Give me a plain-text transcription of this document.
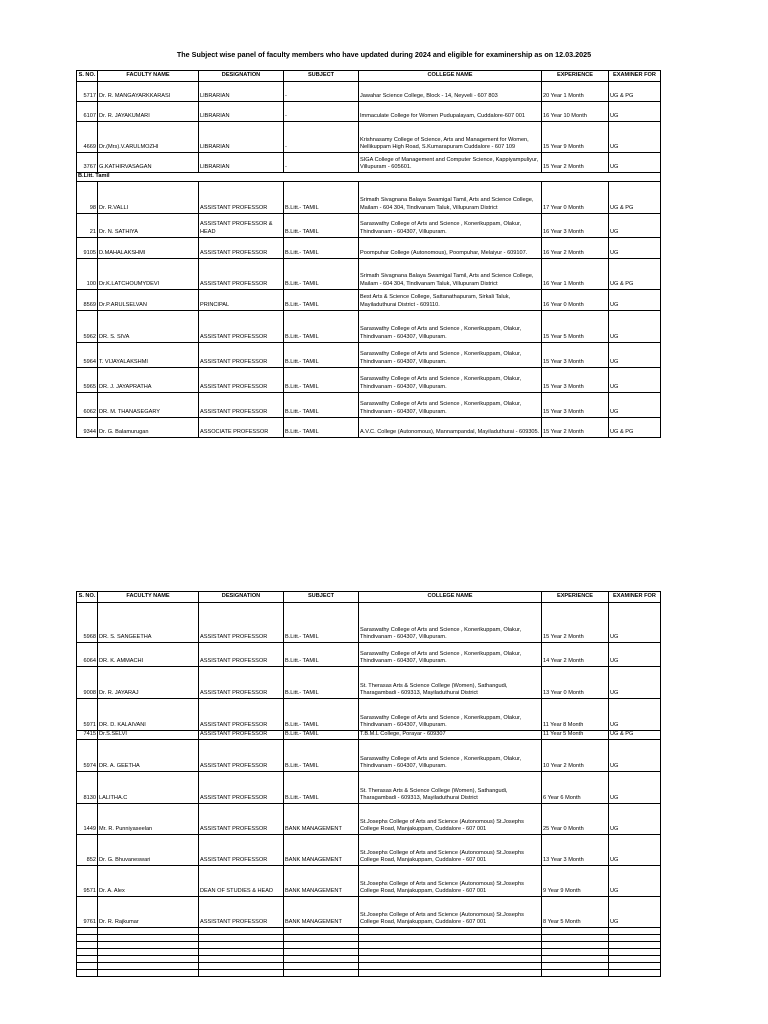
The Subject wise panel of faculty members who have updated during 2024 and eligible for examinership as on 12.03.2025
S. NO.	FACULTY NAME	DESIGNATION	SUBJECT	COLLEGE NAME	EXPERIENCE	EXAMINER FOR
5717	Dr. R. MANGAYARKKARASI	LIBRARIAN	-	Jawahar Science College, Block - 14, Neyveli - 607 803	20 Year 1 Month	UG & PG
6107	Dr. R. JAYAKUMARI	LIBRARIAN	-	Immaculate College for Women Pudupalayam, Cuddalore-607 001	16 Year 10 Month	UG
4669	Dr.(Mrs).V.ARULMOZHI	LIBRARIAN	-	Krishnasamy College of Science, Arts and Management for Women, Nellikuppam High Road, S.Kumarapuram Cuddalore - 607 109	15 Year 9 Month	UG
3767	G.KATHIRVASAGAN	LIBRARIAN	-	SIGA College of Management and Computer Science, Kappiyampuliyur, Villupuram - 605601.	15 Year 2 Month	UG
B.Litt. Tamil						
98	Dr. R.VALLI	ASSISTANT PROFESSOR	B.Litt.- TAMIL	Srimath Sivagnana Balaya Swamigal Tamil, Arts and Science College, Mailam - 604 304, Tindivanam Taluk, Villupuram District	17 Year 0 Month	UG & PG
21	Dr. N. SATHIYA	ASSISTANT PROFESSOR & HEAD	B.Litt.- TAMIL	Saraswathy College of Arts and Science , Konerikuppam, Olakur, Thindivanam - 604307, Villupuram.	16 Year 3 Month	UG
9105	D.MAHALAKSHMI	ASSISTANT PROFESSOR	B.Litt.- TAMIL	Poompuhar College (Autonomous), Poompuhar, Melaiyur - 609107.	16 Year 2 Month	UG
100	Dr.K.LATCHOUMYDEVI	ASSISTANT PROFESSOR	B.Litt.- TAMIL	Srimath Sivagnana Balaya Swamigal Tamil, Arts and Science College, Mailam - 604 304, Tindivanam Taluk, Villupuram District	16 Year 1 Month	UG & PG
8569	Dr.P.ARULSELVAN	PRINCIPAL	B.Litt.- TAMIL	Best Arts & Science College, Sattanathapuram, Sirkali Taluk, Mayiladuthurai District - 609110.	16 Year 0 Month	UG
5962	DR. S. SIVA	ASSISTANT PROFESSOR	B.Litt.- TAMIL	Saraswathy College of Arts and Science , Konerikuppam, Olakur, Thindivanam - 604307, Villupuram.	15 Year 5 Month	UG
5964	T. VIJAYALAKSHMI	ASSISTANT PROFESSOR	B.Litt.- TAMIL	Saraswathy College of Arts and Science , Konerikuppam, Olakur, Thindivanam - 604307, Villupuram.	15 Year 3 Month	UG
5965	DR. J. JAYAPRATHA	ASSISTANT PROFESSOR	B.Litt.- TAMIL	Saraswathy College of Arts and Science , Konerikuppam, Olakur, Thindivanam - 604307, Villupuram.	15 Year 3 Month	UG
6062	DR. M. THANASEGARY	ASSISTANT PROFESSOR	B.Litt.- TAMIL	Saraswathy College of Arts and Science , Konerikuppam, Olakur, Thindivanam - 604307, Villupuram.	15 Year 3 Month	UG
9344	Dr. G. Balamurugan	ASSOCIATE PROFESSOR	B.Litt.- TAMIL	A.V.C. College (Autonomous), Mannampandal, Mayiladuthurai - 609305.	15 Year 2 Month	UG & PG
S. NO.	FACULTY NAME	DESIGNATION	SUBJECT	COLLEGE NAME	EXPERIENCE	EXAMINER FOR
5968	DR. S. SANGEETHA	ASSISTANT PROFESSOR	B.Litt.- TAMIL	Saraswathy College of Arts and Science , Konerikuppam, Olakur, Thindivanam - 604307, Villupuram.	15 Year 2 Month	UG
6064	DR. K. AMMACHI	ASSISTANT PROFESSOR	B.Litt.- TAMIL	Saraswathy College of Arts and Science , Konerikuppam, Olakur, Thindivanam - 604307, Villupuram.	14 Year 2 Month	UG
9008	Dr. R. JAYARAJ	ASSISTANT PROFESSOR	B.Litt.- TAMIL	St. Therasas Arts & Science College (Women), Sathangudi, Tharagambadi - 609313, Mayiladuthurai District	13 Year 0 Month	UG
5971	DR. D. KALAIVANI	ASSISTANT PROFESSOR	B.Litt.- TAMIL	Saraswathy College of Arts and Science , Konerikuppam, Olakur, Thindivanam - 604307, Villupuram.	11 Year 8 Month	UG
7415	Dr.S.SELVI	ASSISTANT PROFESSOR	B.Litt.- TAMIL	T.B.M.L College, Porayar - 609307	11 Year 5 Month	UG & PG
5974	DR. A. GEETHA	ASSISTANT PROFESSOR	B.Litt.- TAMIL	Saraswathy College of Arts and Science , Konerikuppam, Olakur, Thindivanam - 604307, Villupuram.	10 Year 2 Month	UG
8130	LALITHA.C	ASSISTANT PROFESSOR	B.Litt.- TAMIL	St. Therasas Arts & Science College (Women), Sathangudi, Tharagambadi - 609313, Mayiladuthurai District	6 Year 6 Month	UG
1449	Mr. R. Punniyaseelan	ASSISTANT PROFESSOR	BANK MANAGEMENT	St.Josephs College of Arts and Science (Autonomous) St.Josephs College Road, Manjakuppam, Cuddalore - 607 001	25 Year 0 Month	UG
852	Dr. G. Bhuvaneswari	ASSISTANT PROFESSOR	BANK MANAGEMENT	St.Josephs College of Arts and Science (Autonomous) St.Josephs College Road, Manjakuppam, Cuddalore - 607 001	13 Year 3 Month	UG
9571	Dr. A. Alex	DEAN OF STUDIES & HEAD	BANK MANAGEMENT	St.Josephs College of Arts and Science (Autonomous) St.Josephs College Road, Manjakuppam, Cuddalore - 607 001	9 Year 9 Month	UG
9761	Dr. R. Rajkumar	ASSISTANT PROFESSOR	BANK MANAGEMENT	St.Josephs College of Arts and Science (Autonomous) St.Josephs College Road, Manjakuppam, Cuddalore - 607 001	8 Year 5 Month	UG
